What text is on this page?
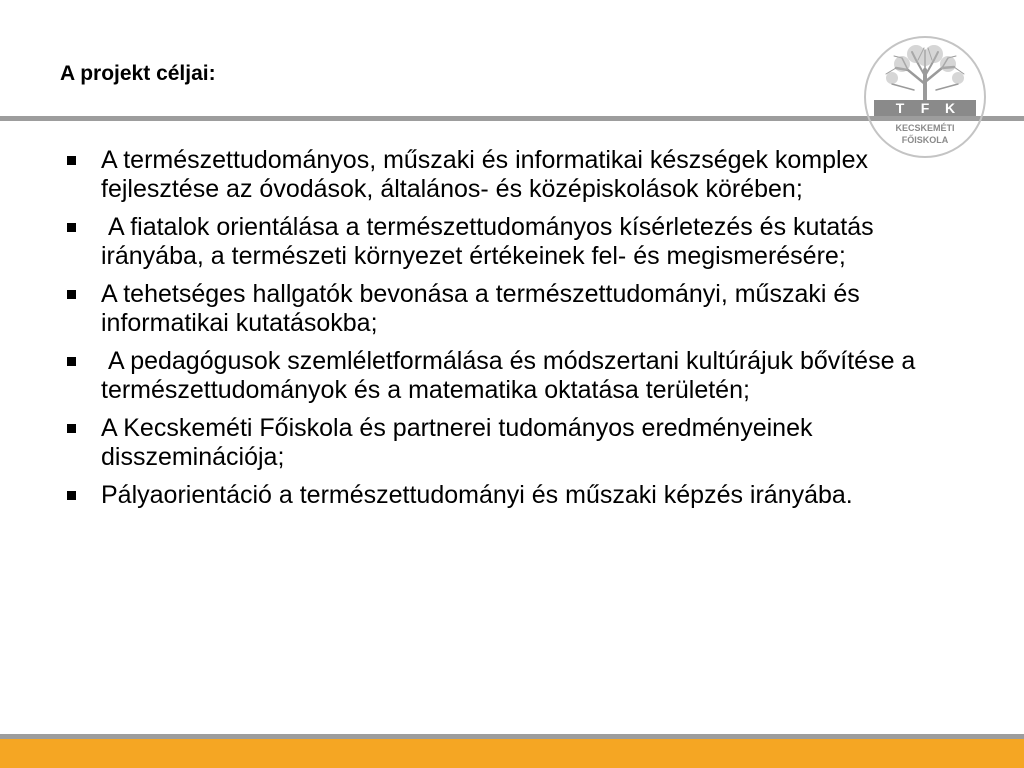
A projekt céljai:
T F K
KECSKEMÉTI
FŐISKOLA
A természettudományos, műszaki és informatikai készségek komplex fejlesztése az óvodások, általános- és középiskolások körében;
A fiatalok orientálása a természettudományos kísérletezés és kutatás irányába, a természeti környezet értékeinek fel- és megismerésére;
A tehetséges hallgatók bevonása a természettudományi, műszaki és informatikai kutatásokba;
A pedagógusok szemléletformálása és módszertani kultúrájuk bővítése a természettudományok és a matematika oktatása területén;
A Kecskeméti Főiskola és partnerei tudományos eredményeinek disszeminációja;
Pályaorientáció a természettudományi és műszaki képzés irányába.
